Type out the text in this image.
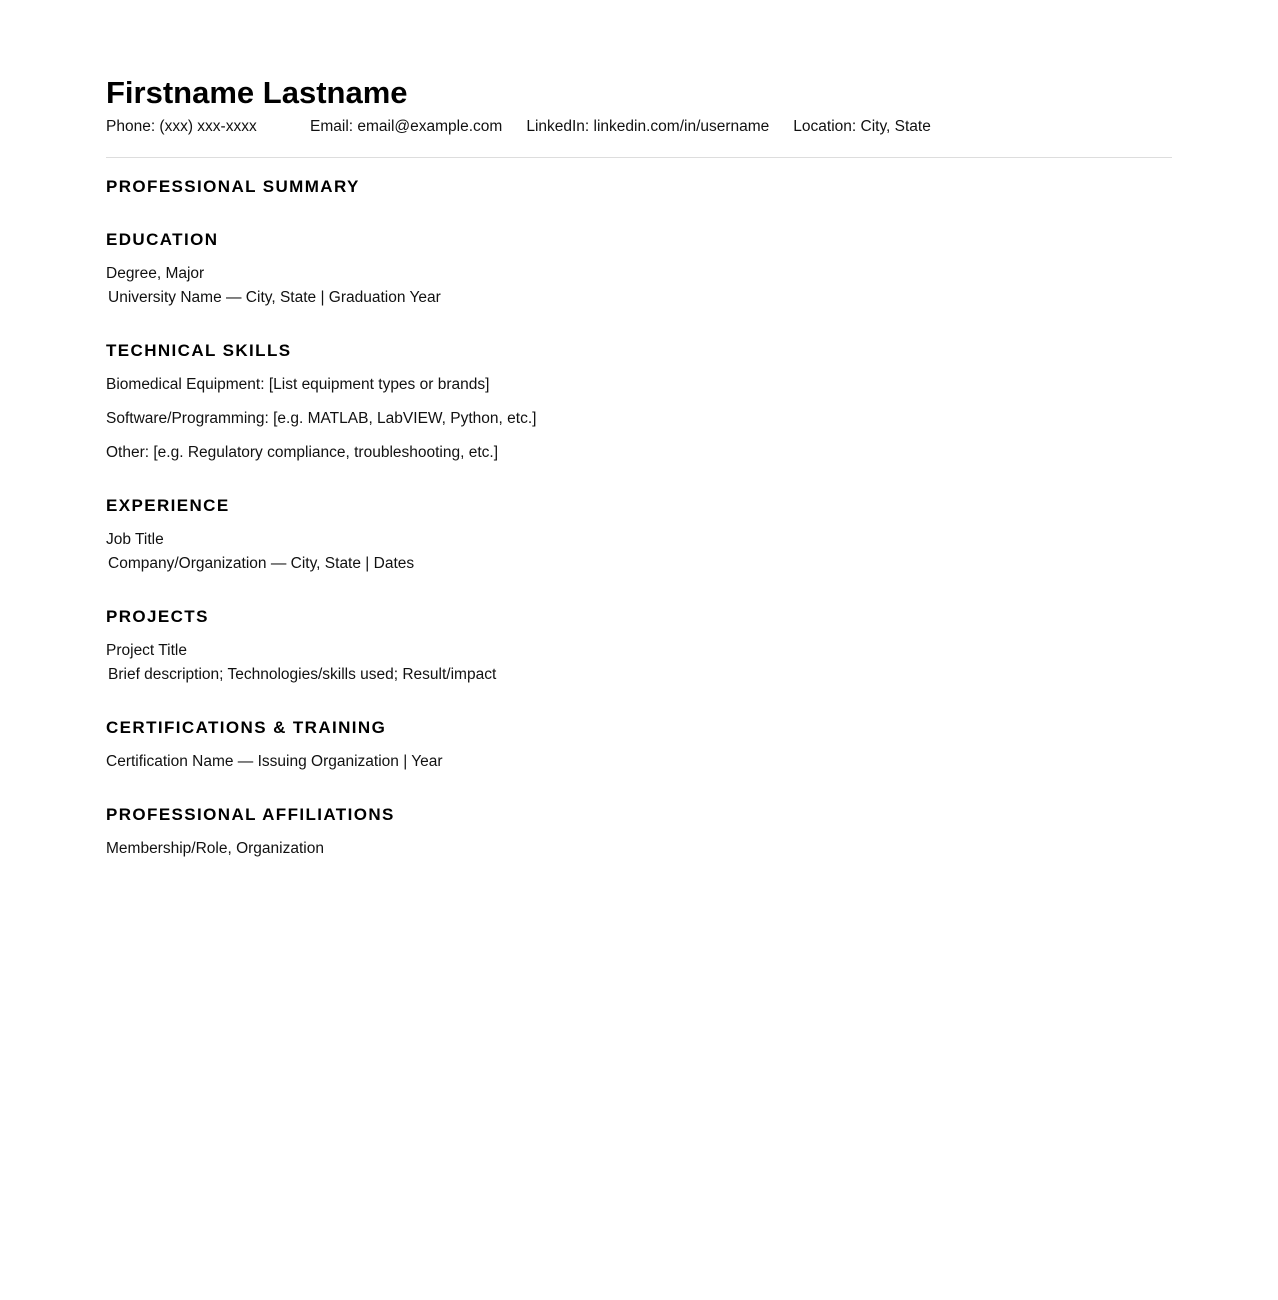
Firstname Lastname
Phone: (xxx) xxx-xxxx	Email: email@example.com LinkedIn: linkedin.com/in/username Location: City, State
PROFESSIONAL SUMMARY
EDUCATION
Degree, Major
University Name — City, State | Graduation Year
TECHNICAL SKILLS
Biomedical Equipment: [List equipment types or brands]
Software/Programming: [e.g. MATLAB, LabVIEW, Python, etc.]
Other: [e.g. Regulatory compliance, troubleshooting, etc.]
EXPERIENCE
Job Title
Company/Organization — City, State | Dates
PROJECTS
Project Title
Brief description; Technologies/skills used; Result/impact
CERTIFICATIONS & TRAINING
Certification Name — Issuing Organization | Year
PROFESSIONAL AFFILIATIONS
Membership/Role, Organization
